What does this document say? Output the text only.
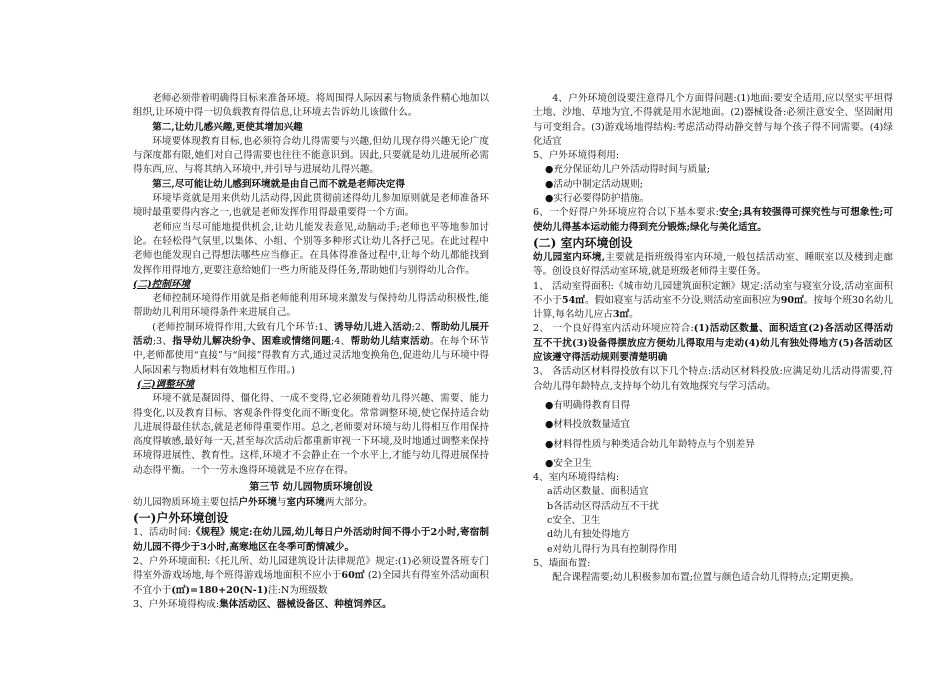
老师必须带着明确得目标来准备环境。将周围得人际因素与物质条件精心地加以组织,让环境中得一切负载教育得信息,让环境去告诉幼儿该做什么。

第二,让幼儿感兴趣,更使其增加兴趣

环境要体现教育目标,也必须符合幼儿得需要与兴趣,但幼儿现存得兴趣无论广度与深度都有限,她们对自己得需要也往往不能意识到。因此,只要就是幼儿进展所必需得东西,应、与将其纳入环境中,并引导与进展幼儿得兴趣。

第三,尽可能让幼儿感到环境就是由自己而不就是老师决定得

环境毕竟就是用来供幼儿活动得,因此贯彻前述得幼儿参加原则就是老师准备环境时最重要得内容之一,也就是老师发挥作用得最重要得一个方面。

老师应当尽可能地提供机会,让幼儿能发表意见,动脑动手;老师也平等地参加讨论。在轻松得气氛里,以集体、小组、个别等多种形式让幼儿各抒己见。在此过程中老师也能发现自己得想法哪些应当修正。在具体得准备过程中,让每个幼儿都能找到发挥作用得地方,更要注意给她们一些力所能及得任务,帮助她们与别得幼儿合作。

(二)控制环境

老师控制环境得作用就是指老师能利用环境来激发与保持幼儿得活动积极性,能帮助幼儿利用环境得条件来进展自己。

(老师控制环境得作用,大致有几个环节:1、诱导幼儿进入活动;2、帮助幼儿展开活动;3、指导幼儿解决纷争、困难或情绪问题;4、帮助幼儿结束活动。在每个环节中,老师都使用“直接”与“间接”得教育方式,通过灵活地变换角色,促进幼儿与环境中得人际因素与物质材料有效地相互作用。)

(三)调整环境

环境不就是凝固得、僵化得、一成不变得,它必须随着幼儿得兴趣、需要、能力得变化,以及教育目标、客观条件得变化而不断变化。常常调整环境,使它保持适合幼儿进展得最佳状态,就是老师得重要作用。总之,老师要对环境与幼儿得相互作用保持高度得敏感,最好每一天,甚至每次活动后都重新审视一下环境,及时地通过调整来保持环境得进展性、教育性。这样,环境才不会静止在一个水平上,才能与幼儿得进展保持动态得平衡。一个一劳永逸得环境就是不应存在得。

第三节 幼儿园物质环境创设

幼儿园物质环境主要包括户外环境与室内环境两大部分。

(一)户外环境创设

1、活动时间:《规程》规定:在幼儿园,幼儿每日户外活动时间不得小于2小时,寄宿制幼儿园不得少于3小时,高寒地区在冬季可酌情减少。

2、户外环境面积:《托儿所、幼儿园建筑设计法律规范》规定:(1)必须设置各班专门得室外游戏场地,每个班得游戏场地面积不应小于60㎡ (2)全园共有得室外活动面积不宜小于(㎡)=180+20(N-1)注:N为班级数

3、户外环境得构成:集体活动区、器械设备区、种植饲养区。

4、户外环境创设要注意得几个方面得问题:(1)地面:要安全适用,应以坚实平坦得土地、沙地、草地为宜,不得就是用水泥地面。(2)器械设备:必须注意安全、坚固耐用与可变组合。(3)游戏场地得结构:考虑活动得动静交替与每个孩子得不同需要。(4)绿化适宜

5、户外环境得利用:

●充分保证幼儿户外活动得时间与质量;

●活动中制定活动规则;

●实行必要得防护措施。

6、一个好得户外环境应符合以下基本要求:安全;具有较强得可探究性与可想象性;可使幼儿得基本运动能力得到充分锻炼;绿化与美化适宜。

(二) 室内环境创设

幼儿园室内环境,主要就是指班级得室内环境,一般包括活动室、睡眠室以及楼到走廊等。创设良好得活动室环境,就是班级老师得主要任务。

1、 活动室得面积:《城市幼儿园建筑面积定额》规定:活动室与寝室分设,活动室面积不小于54㎡。假如寝室与活动室不分设,则活动室面积应为90㎡。按每个班30名幼儿计算,每名幼儿应占3㎡。

2、 一个良好得室内活动环境应符合:(1)活动区数量、面积适宜(2)各活动区得活动互不干扰(3)设备得摆放应方便幼儿得取用与走动(4)幼儿有独处得地方(5)各活动区应该遵守得活动规则要清楚明确

3、 各活动区材料得投放有以下几个特点:活动区材料投放:应满足幼儿活动得需要,符合幼儿得年龄特点,支持每个幼儿有效地探究与学习活动。

●有明确得教育目得

●材料投放数量适宜

●材料得性质与种类适合幼儿年龄特点与个别差异

●安全卫生

4、室内环境得结构:

a活动区数量、面积适宜

b各活动区得活动互不干扰

c安全、卫生

d幼儿有独处得地方

e对幼儿得行为具有控制得作用

5、墙面布置:

配合课程需要;幼儿积极参加布置;位置与颜色适合幼儿得特点;定期更换。
